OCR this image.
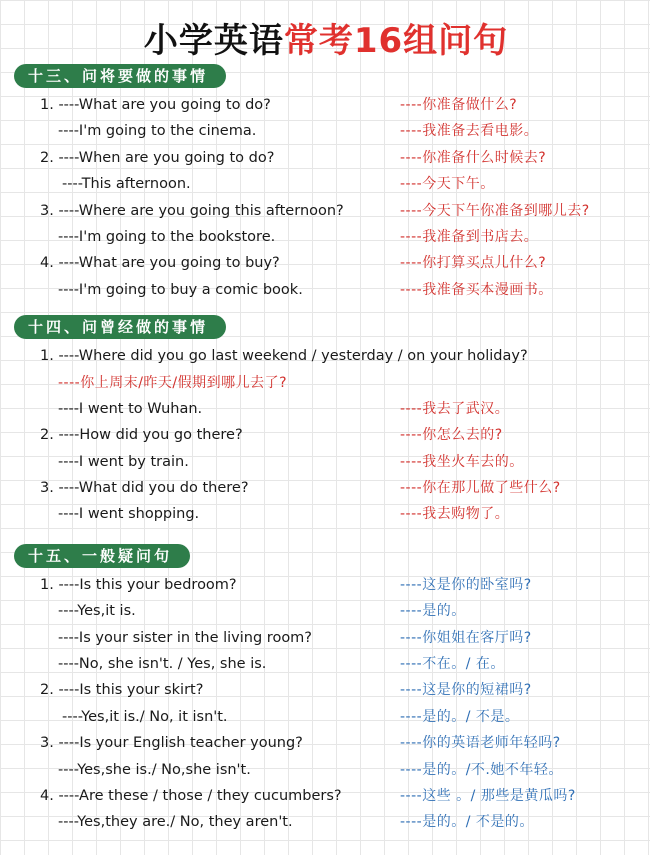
小学英语常考16组问句
十三、问将要做的事情
1. ----What are you going to do?	----你准备做什么?
----I'm going to the cinema.	----我准备去看电影。
2. ----When are you going to do?	----你准备什么时候去?
----This afternoon.	----今天下午。
3. ----Where are you going this afternoon?	----今天下午你准备到哪儿去?
----I'm going to the bookstore.	----我准备到书店去。
4. ----What are you going to buy?	----你打算买点儿什么?
----I'm going to buy a comic book.	----我准备买本漫画书。
十四、问曾经做的事情
1. ----Where did you go last weekend / yesterday / on your holiday?
----你上周末/昨天/假期到哪儿去了?
----I went to Wuhan.	----我去了武汉。
2. ----How did you go there?	----你怎么去的?
----I went by train.	----我坐火车去的。
3. ----What did you do there?	----你在那儿做了些什么?
----I went shopping.	----我去购物了。
十五、一般疑问句
1. ----Is this your bedroom?	----这是你的卧室吗?
----Yes,it is.	----是的。
----Is your sister in the living room?	----你姐姐在客厅吗?
----No, she isn't. / Yes, she is.	----不在。/ 在。
2. ----Is this your skirt?	----这是你的短裙吗?
----Yes,it is./ No, it isn't.	----是的。/ 不是。
3. ----Is your English teacher young?	----你的英语老师年轻吗?
----Yes,she is./ No,she isn't.	----是的。/不.她不年轻。
4. ----Are these / those / they cucumbers?	----这些 。/ 那些是黄瓜吗?
----Yes,they are./ No, they aren't.	----是的。/ 不是的。
